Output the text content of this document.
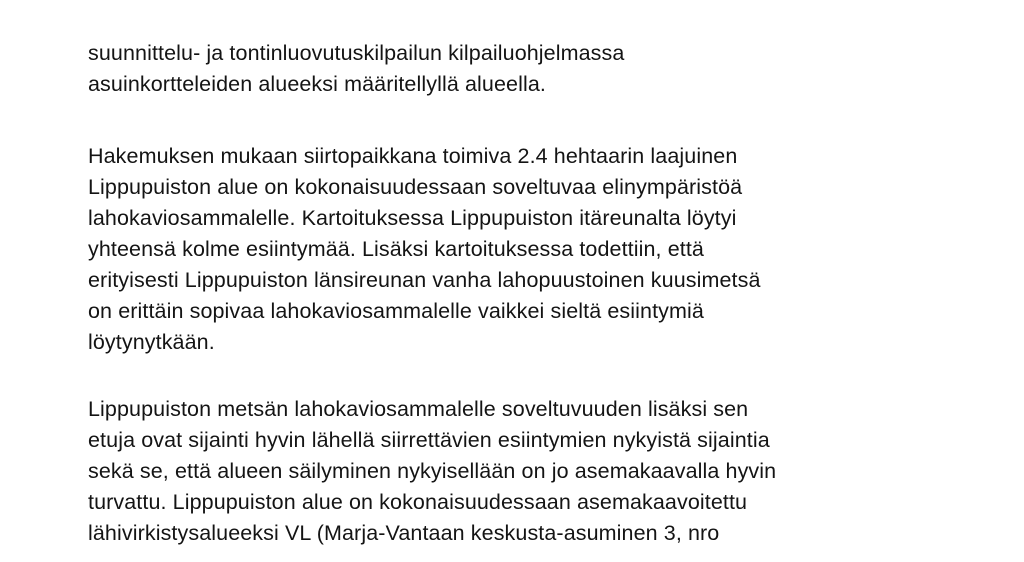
suunnittelu- ja tontinluovutuskilpailun kilpailuohjelmassa
asuinkortteleiden alueeksi määritellyllä alueella.

Hakemuksen mukaan siirtopaikkana toimiva 2.4 hehtaarin laajuinen
Lippupuiston alue on kokonaisuudessaan soveltuvaa elinympäristöä
lahokaviosammalelle. Kartoituksessa Lippupuiston itäreunalta löytyi
yhteensä kolme esiintymää. Lisäksi kartoituksessa todettiin, että
erityisesti Lippupuiston länsireunan vanha lahopuustoinen kuusimetsä
on erittäin sopivaa lahokaviosammalelle vaikkei sieltä esiintymiä
löytynytkään.

Lippupuiston metsän lahokaviosammalelle soveltuvuuden lisäksi sen
etuja ovat sijainti hyvin lähellä siirrettävien esiintymien nykyistä sijaintia
sekä se, että alueen säilyminen nykyisellään on jo asemakaavalla hyvin
turvattu. Lippupuiston alue on kokonaisuudessaan asemakaavoitettu
lähivirkistysalueeksi VL (Marja-Vantaan keskusta-asuminen 3, nro
